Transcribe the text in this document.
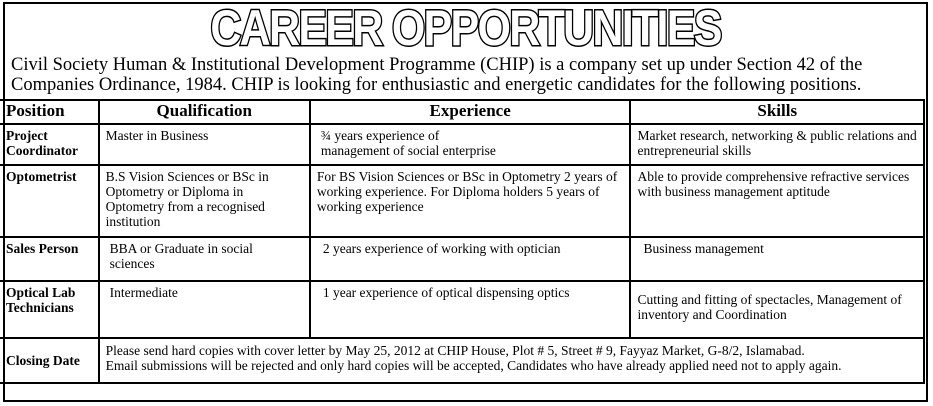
CAREER OPPORTUNITIES
Civil Society Human & Institutional Development Programme (CHIP) is a company set up under Section 42 of the Companies Ordinance, 1984. CHIP is looking for enthusiastic and energetic candidates for the following positions.
Position	Qualification	Experience	Skills
Project Coordinator	Master in Business	¾ years experience of management of social enterprise	Market research, networking & public relations and entrepreneurial skills
Optometrist	B.S Vision Sciences or BSc in Optometry or Diploma in Optometry from a recognised institution	For BS Vision Sciences or BSc in Optometry 2 years of working experience. For Diploma holders 5 years of working experience	Able to provide comprehensive refractive services with business management aptitude
Sales Person	BBA or Graduate in social sciences	2 years experience of working with optician	Business management
Optical Lab Technicians	Intermediate	1 year experience of optical dispensing optics	Cutting and fitting of spectacles, Management of inventory and Coordination
Closing Date	Please send hard copies with cover letter by May 25, 2012 at CHIP House, Plot # 5, Street # 9, Fayyaz Market, G-8/2, Islamabad.
Email submissions will be rejected and only hard copies will be accepted, Candidates who have already applied need not to apply again.		
